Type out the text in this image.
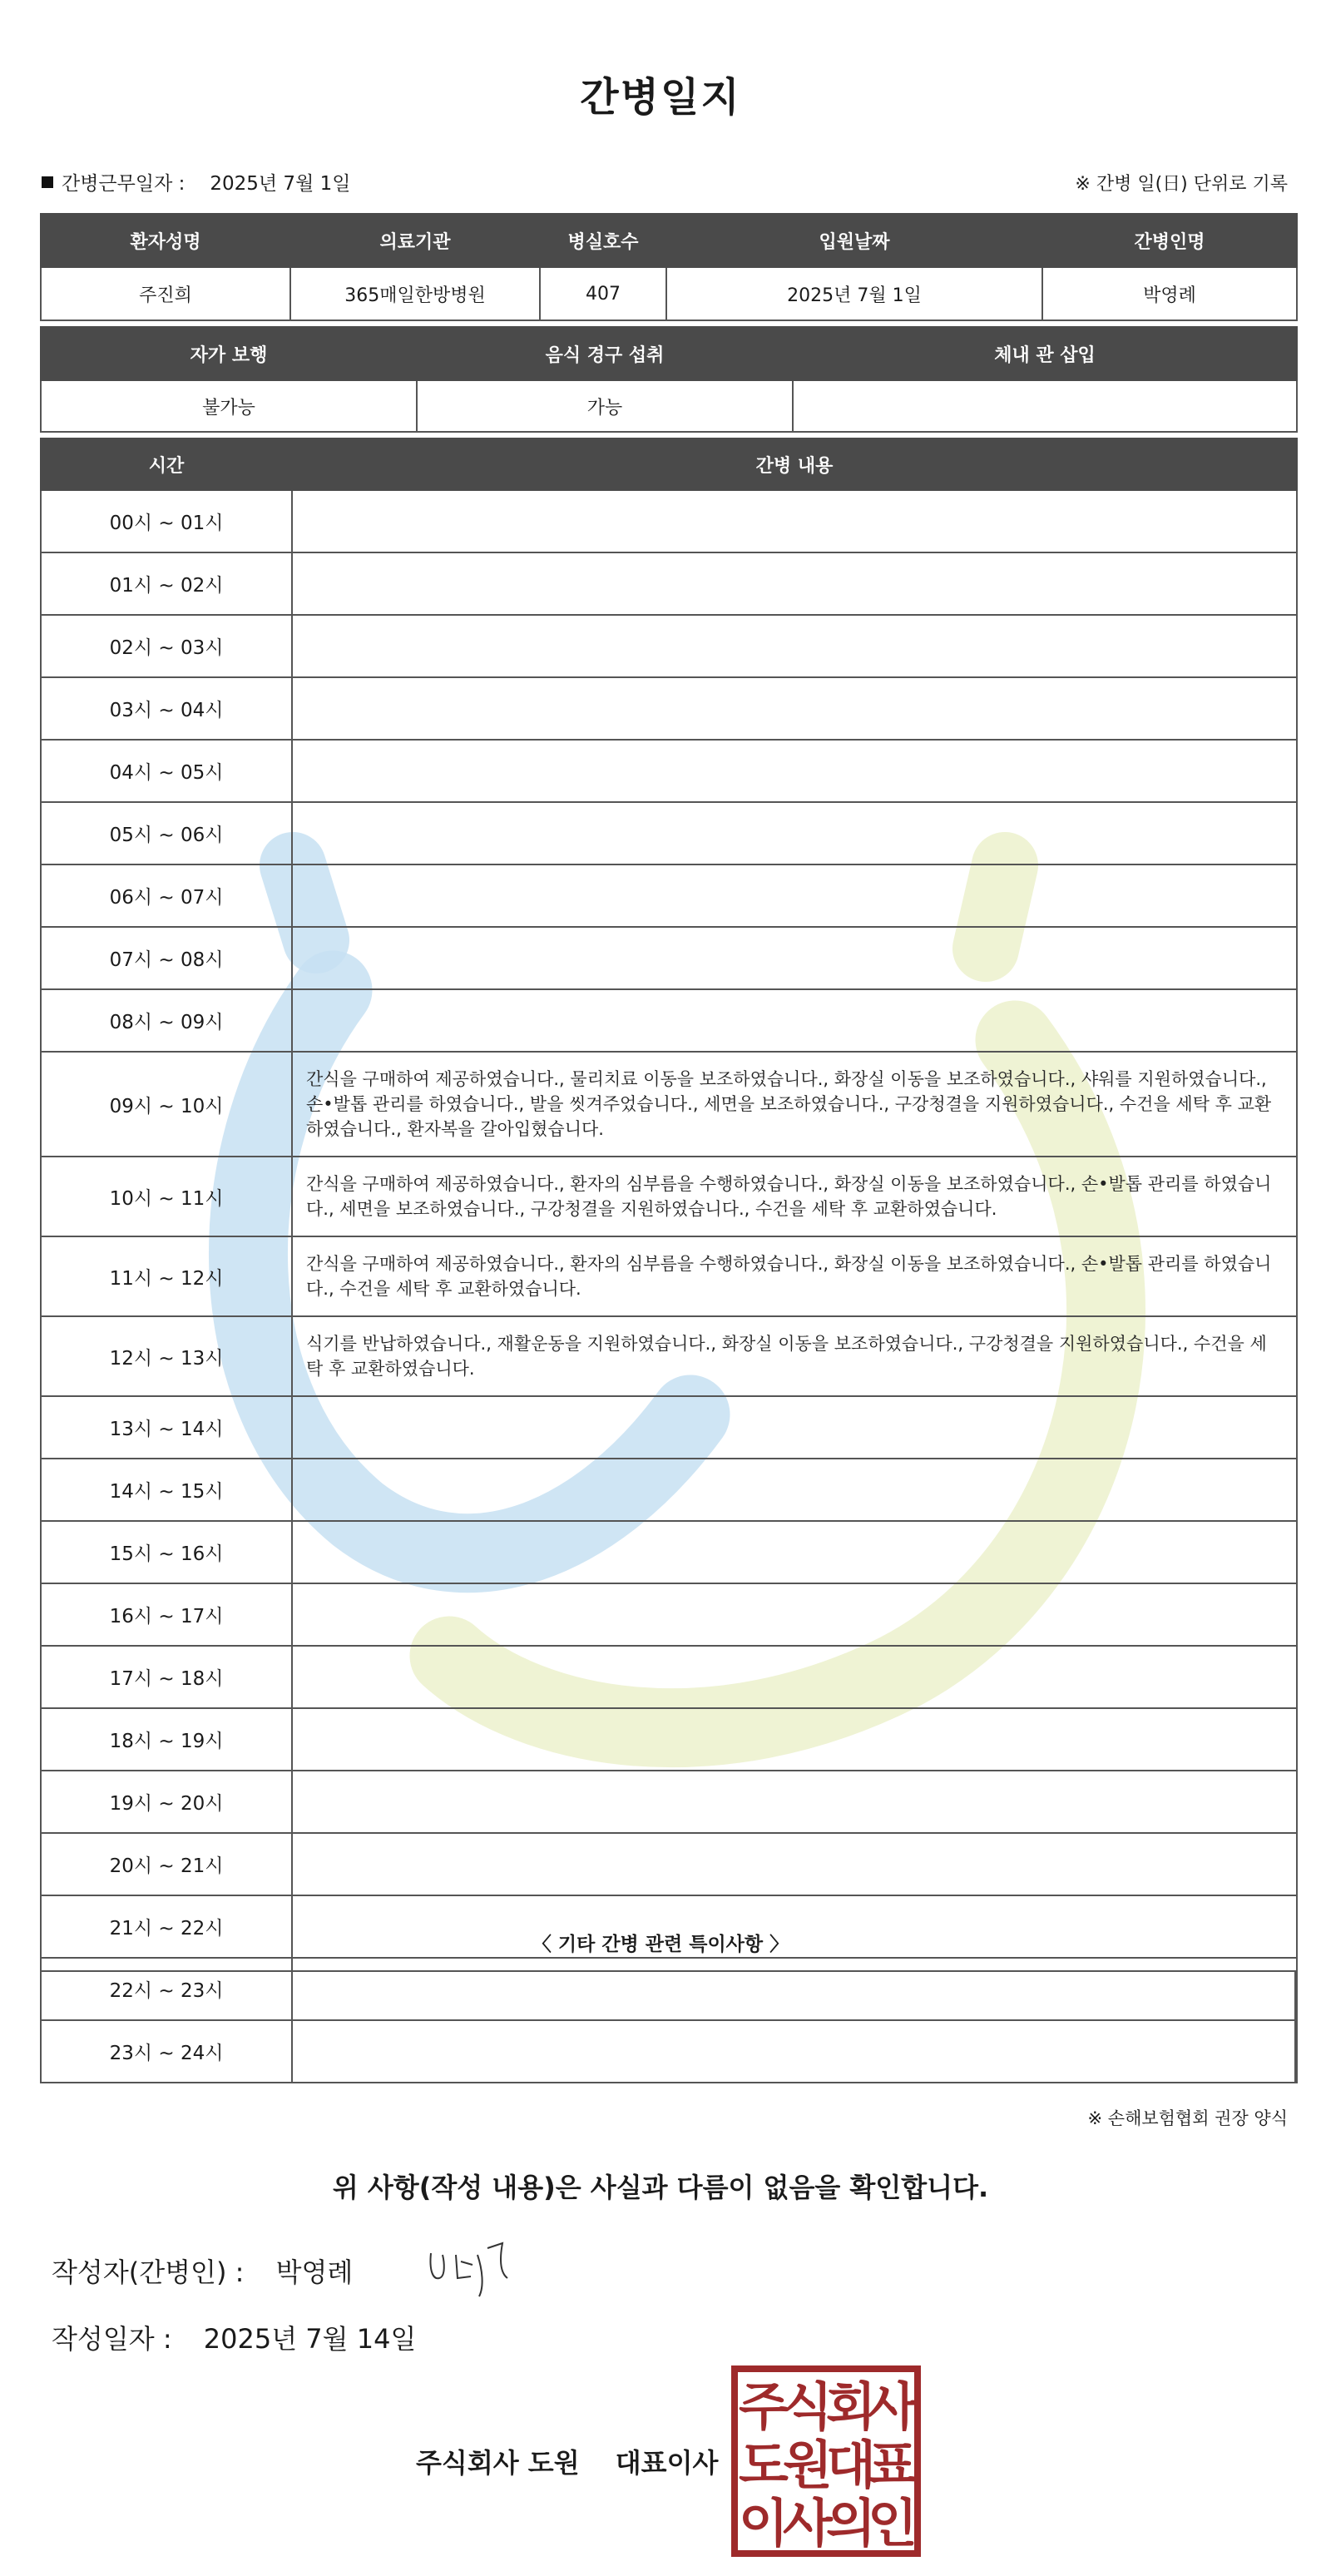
간병일지
간병근무일자 : 2025년 7월 1일	※ 간병 일(日) 단위로 기록
환자성명	의료기관	병실호수	입원날짜	간병인명
주진희	365매일한방병원	407	2025년 7월 1일	박영례
자가 보행	음식 경구 섭취	체내 관 삽입
불가능	가능	
시간	간병 내용
00시 ~ 01시	
01시 ~ 02시	
02시 ~ 03시	
03시 ~ 04시	
04시 ~ 05시	
05시 ~ 06시	
06시 ~ 07시	
07시 ~ 08시	
08시 ~ 09시	
09시 ~ 10시	간식을 구매하여 제공하였습니다., 물리치료 이동을 보조하였습니다., 화장실 이동을 보조하였습니다., 샤워를 지원하였습니다., 손•발톱 관리를 하였습니다., 발을 씻겨주었습니다., 세면을 보조하였습니다., 구강청결을 지원하였습니다., 수건을 세탁 후 교환하였습니다., 환자복을 갈아입혔습니다.
10시 ~ 11시	간식을 구매하여 제공하였습니다., 환자의 심부름을 수행하였습니다., 화장실 이동을 보조하였습니다., 손•발톱 관리를 하였습니다., 세면을 보조하였습니다., 구강청결을 지원하였습니다., 수건을 세탁 후 교환하였습니다.
11시 ~ 12시	간식을 구매하여 제공하였습니다., 환자의 심부름을 수행하였습니다., 화장실 이동을 보조하였습니다., 손•발톱 관리를 하였습니다., 수건을 세탁 후 교환하였습니다.
12시 ~ 13시	식기를 반납하였습니다., 재활운동을 지원하였습니다., 화장실 이동을 보조하였습니다., 구강청결을 지원하였습니다., 수건을 세탁 후 교환하였습니다.
13시 ~ 14시	
14시 ~ 15시	
15시 ~ 16시	
16시 ~ 17시	
17시 ~ 18시	
18시 ~ 19시	
19시 ~ 20시	
20시 ~ 21시	
21시 ~ 22시	
22시 ~ 23시	
23시 ~ 24시	
〈 기타 간병 관련 특이사항 〉
※ 손해보험협회 권장 양식
위 사항(작성 내용)은 사실과 다름이 없음을 확인합니다.
작성자(간병인) : 박영례
작성일자 : 2025년 7월 14일
주식회사 도원 대표이사
주
식
회
사
도
원
대
표
이
사
의
인
